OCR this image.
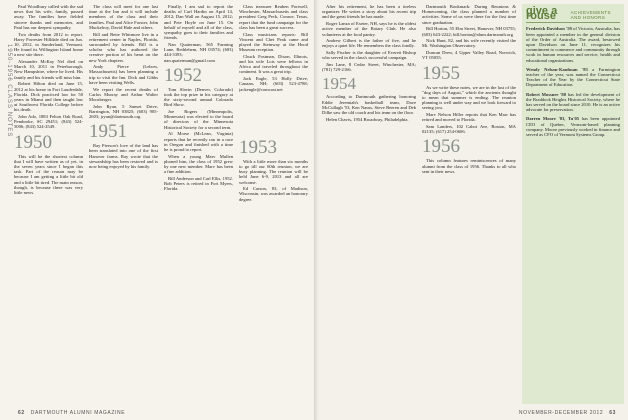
1950-1956 CLASS NOTES

Paul Woodbury called with the sad news that his wife, family, passed away. The families have fielded sincere thanks and memories, and Paul has our deepest sympathy.

Two deaths from 2012 to report. Harry Forrester Hilldale died on Jun. 10, 2012, in Sunderland, Vermont. He found its Willington Island home a new site there.

Alexander McKay Nel died on March 10, 2011 in Peterborough, New Hampshire, where he lived. His family and his friends will miss him.

Robert Hilton died on June 15, 2012 at his home in Fort Lauderdale, Florida. Dick practiced law for 50 years in Miami and then taught law at Southwest Florida College before his death.

John Ado, 1883 Felton Oak Road, Pembroke, SC 29451; (843) 524-5006; (843) 524-2549.

1950

This will be the shortest column that I will have written as of yet, in the seven years since I began this task. Part of the reason may be because I am getting a little bit old and a little bit tired. The main reason, though, is because there was very little news.

The class will meet for one last time at the Inn and it will include members of the class and their families. Paul and Alice Forster, John Muckelroy, David Hale and others.

Bill and Bette Whitmore live in a retirement center in Naples, Florida, surrounded by friends. Bill is a scholar who has authored the creative portion of his heart on the new York chapters.

Andy Pierce (Lebow, Massachusetts) has been planning a trip to visit the Inn. Dick and Gibbs have been visiting Wells.

We report the recent deaths of Carlos Murray and Arthur Walter Moosberger.

John Ryan, 5 Sunset Drive, Barrington, NH 03825; (603) 905-2603; jryan@dartmouth.org

1951

Ray Pierson's love of the land has been translated into one of the first Hanover farms. Ray wrote that the stewardship has been restored and is now being enjoyed by his family.

Finally, I am sad to report the deaths of Carl Hardin on April 14, 2012; Dan Wall on August 15, 2012; and Pete Hoyle on June 15. On behalf of myself and all of the class, sympathy goes to their families and friends.

Nan Quaterman, 565 Farming Lane, Bethlehem, NH 03574; (603) 444-3393; nan.quaterman@gmail.com

1952

Tom Slavin (Denver, Colorado) took the top prize in his category at the sixty-second annual Colorado Bird Show.

Joe Rogers (Minneapolis, Minnesota) was elected to the board of directors of the Minnesota Historical Society for a second term.

Al Morse (McLean, Virginia) reports that he recently ran in a race in Oregon and finished with a time he is proud to report.

When a young Marv Mullen phoned him, the class of 1952 grew by one new member. Marv has been a fine addition.

Bill Anderson and Carl Ellis, 1952. Bob Peters is retired in Fort Myers, Florida.

Class treasurer Reuben Portwell, Winchester, Massachusetts and class president Greg Peck, Conroe, Texas, report that the fund campaign for the class has been a great success.

Class musicians reports: Bill Vincent and Chet Peak came and played the Steinway at the Hood Museum reception.

Chuck Fostman, Dixon, Illinois, and his wife Lois were fellows in Africa and traveled throughout the continent. It was a great trip.

Jack Engle, 53 Holly Drive, Canaan, NH; (603) 523-4788; jackengle@comcast.net

1953

With a little more than six months to go till our 60th reunion, we are busy planning. The reunion will be held June 6-9, 2013 and all are welcome.

Ed Carson, 83, of Madison, Wisconsin, was awarded an honorary degree.

62 DARTMOUTH ALUMNI MAGAZINE

After his retirement, he has been a tireless organizer. He writes a story about his recent trip and the great friends he has made.

Roger Lanza of Exeter, NH, says he is the oldest active member of the Rotary Club. He also volunteers at the food pantry.

Andrew Gilbert is the father of five, and he enjoys a quiet life. He remembers the class fondly.

Sally Fischer is the daughter of Everett Bishop who served in the class's successful campaign.

Jim Lane, 8 Cedar Street, Winchester, MA; (781) 729-2166.

1954

According to Dartmouth gathering honoring Eddie Jeremiah's basketball team, Dave McCullagh '53, Ken Nauss, Steve Beeren and Deb Dilke saw the old coach and his team on the floor.

Helen Chavis, 1954 Broadway, Philadelphia.

Dartmouth Bookmark: During Reunions & Homecoming, the class planned a number of activities. Some of us were there for the first time since graduation.

Bill Horton, 55 Elm Street, Hanover, NH 03755; (603) 643-2222; bill.horton@alum.dartmouth.org

Nick Hunt, 82, and his wife recently visited the Mt. Washington Observatory.

Duncan Drew, 4 Upper Valley Road, Norwich, VT 05055.

1955

As we write these notes, we are in the last of the "dog days of August," which the ancients thought to mean that summer is ending. The reunion planning is well under way and we look forward to seeing you.

Marv Nelson Hiller reports that Ken Maw has retired and moved to Florida.

Sam Landers, 102 Cabot Ave, Boston, MA 02135; (617) 254-0606.

1956

This column features reminiscences of many alumni from the class of 1956. Thanks to all who sent in their news.

give a rouse	ACHIEVEMENTS AND HONORS

Frederick Davidson '59 of Victoria, Australia, has been appointed a member in the general division of the Order of Australia. The award, bestowed upon Davidson on June 11, recognizes his commitment to commerce and community through work in human resources and service, health and educational organizations.

Wendy Nelson-Kaufman '83 a Farmington teacher of the year, was named the Connecticut Teacher of the Year by the Connecticut State Department of Education.

Robert Mossner '80 has led the development of the Braddock Heights Historical Society, where he has served on the board since 2010. He is an active advocate for preservation.

Darren Moore '03, Tu'05 has been appointed CEO of Quebec, Vermont-based planning company. Moore previously worked in finance and served as CFO of Vermont Systems Group.

NOVEMBER-DECEMBER 2012 63
